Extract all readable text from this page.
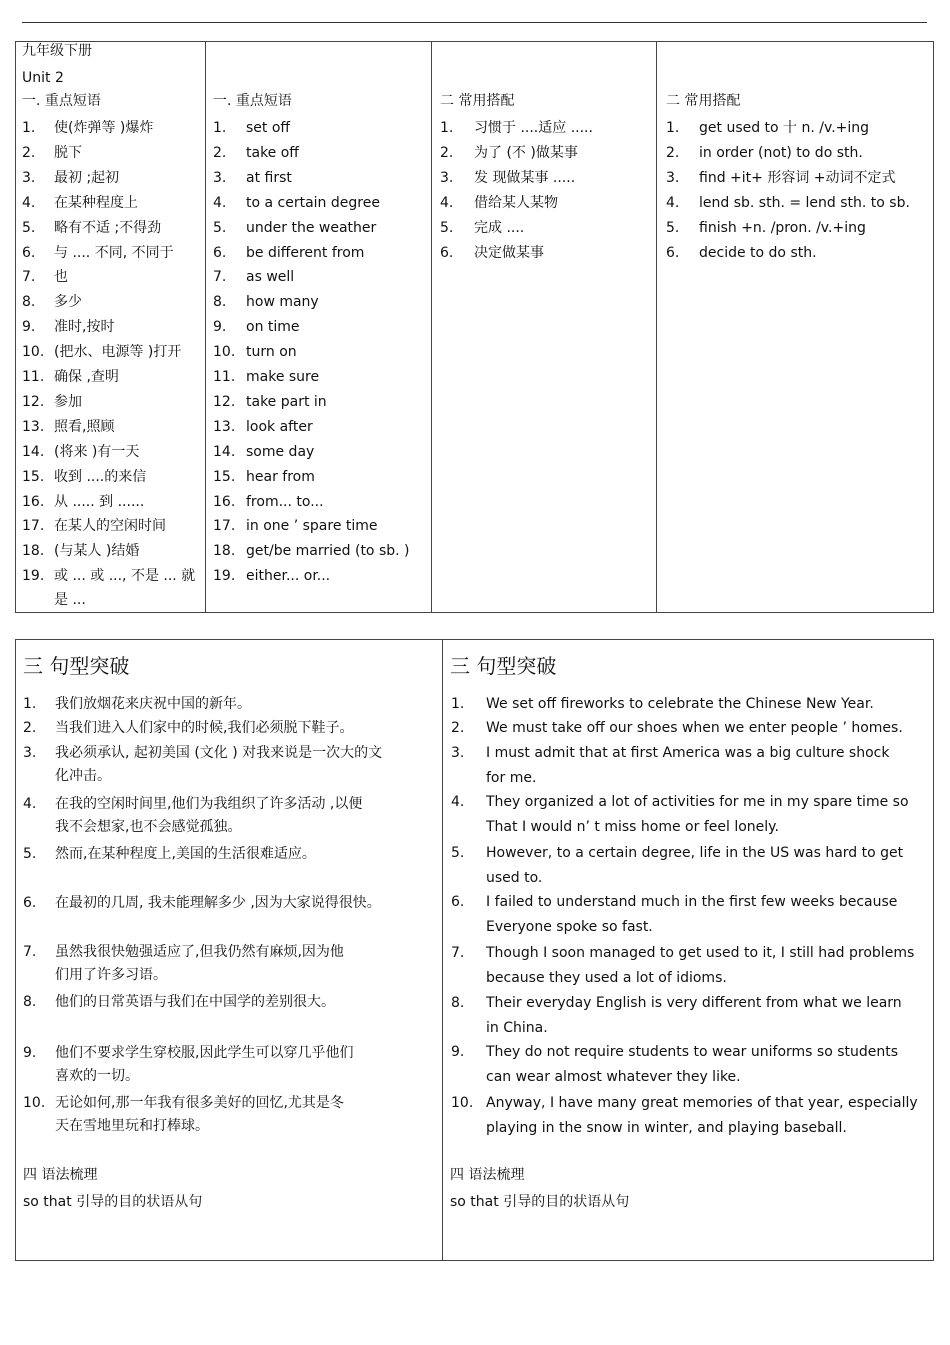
九年级下册
Unit 2
一. 重点短语
1.	使(炸弹等 )爆炸
2.	脱下
3.	最初 ;起初
4.	在某种程度上
5.	略有不适 ;不得劲
6.	与 .... 不同, 不同于
7.	也
8.	多少
9.	准时,按时
10. (把水、电源等 )打开
11. 确保 ,查明
12. 参加
13. 照看,照顾
14. (将来 )有一天
15. 收到 ....的来信
16. 从 ..... 到 ......
17. 在某人的空闲时间
18. (与某人 )结婚
19. 或 ... 或 ..., 不是 ... 就
是 ...
一. 重点短语
1.	set off
2.	take off
3.	at first
4.	to a certain degree
5.	under the weather
6.	be different from
7.	as well
8.	how many
9.	on time
10. turn on
11. make sure
12. take part in
13. look after
14. some day
15. hear from
16. from... to...
17. in one ’ spare time
18. get/be married (to sb. )
19. either... or...
二 常用搭配
1.	习惯于 ....适应 .....
2.	为了 (不 )做某事
3.	发 现做某事 .....
4.	借给某人某物
5.	完成 ....
6.	决定做某事
二 常用搭配
1.	get used to 十 n. /v.+ing
2.	in order (not) to do sth.
3.	find +it+ 形容词 +动词不定式
4.	lend sb. sth. = lend sth. to sb.
5.	finish +n. /pron. /v.+ing
6.	decide to do sth.
三 句型突破
1.	我们放烟花来庆祝中国的新年。
2.	当我们进入人们家中的时候,我们必须脱下鞋子。
3.	我必须承认, 起初美国 (文化 ) 对我来说是一次大的文
化冲击。
4.	在我的空闲时间里,他们为我组织了许多活动 ,以便
我不会想家,也不会感觉孤独。
5.	然而,在某种程度上,美国的生活很难适应。
6.	在最初的几周, 我未能理解多少 ,因为大家说得很快。
7.	虽然我很快勉强适应了,但我仍然有麻烦,因为他
们用了许多习语。
8.	他们的日常英语与我们在中国学的差别很大。
9.	他们不要求学生穿校服,因此学生可以穿几乎他们
喜欢的一切。
10. 无论如何,那一年我有很多美好的回忆,尤其是冬
天在雪地里玩和打棒球。
四 语法梳理
so that 引导的目的状语从句
三 句型突破
1.	We set off fireworks to celebrate the Chinese New Year.
2.	We must take off our shoes when we enter people ’ homes.
3.	I must admit that at first America was a big culture shock
for me.
4.	They organized a lot of activities for me in my spare time so
That I would n’ t miss home or feel lonely.
5.	However, to a certain degree, life in the US was hard to get
used to.
6.	I failed to understand much in the first few weeks because
Everyone spoke so fast.
7.	Though I soon managed to get used to it, I still had problems
because they used a lot of idioms.
8.	Their everyday English is very different from what we learn
in China.
9.	They do not require students to wear uniforms so students
can wear almost whatever they like.
10. Anyway, I have many great memories of that year, especially
playing in the snow in winter, and playing baseball.
四 语法梳理
so that 引导的目的状语从句
